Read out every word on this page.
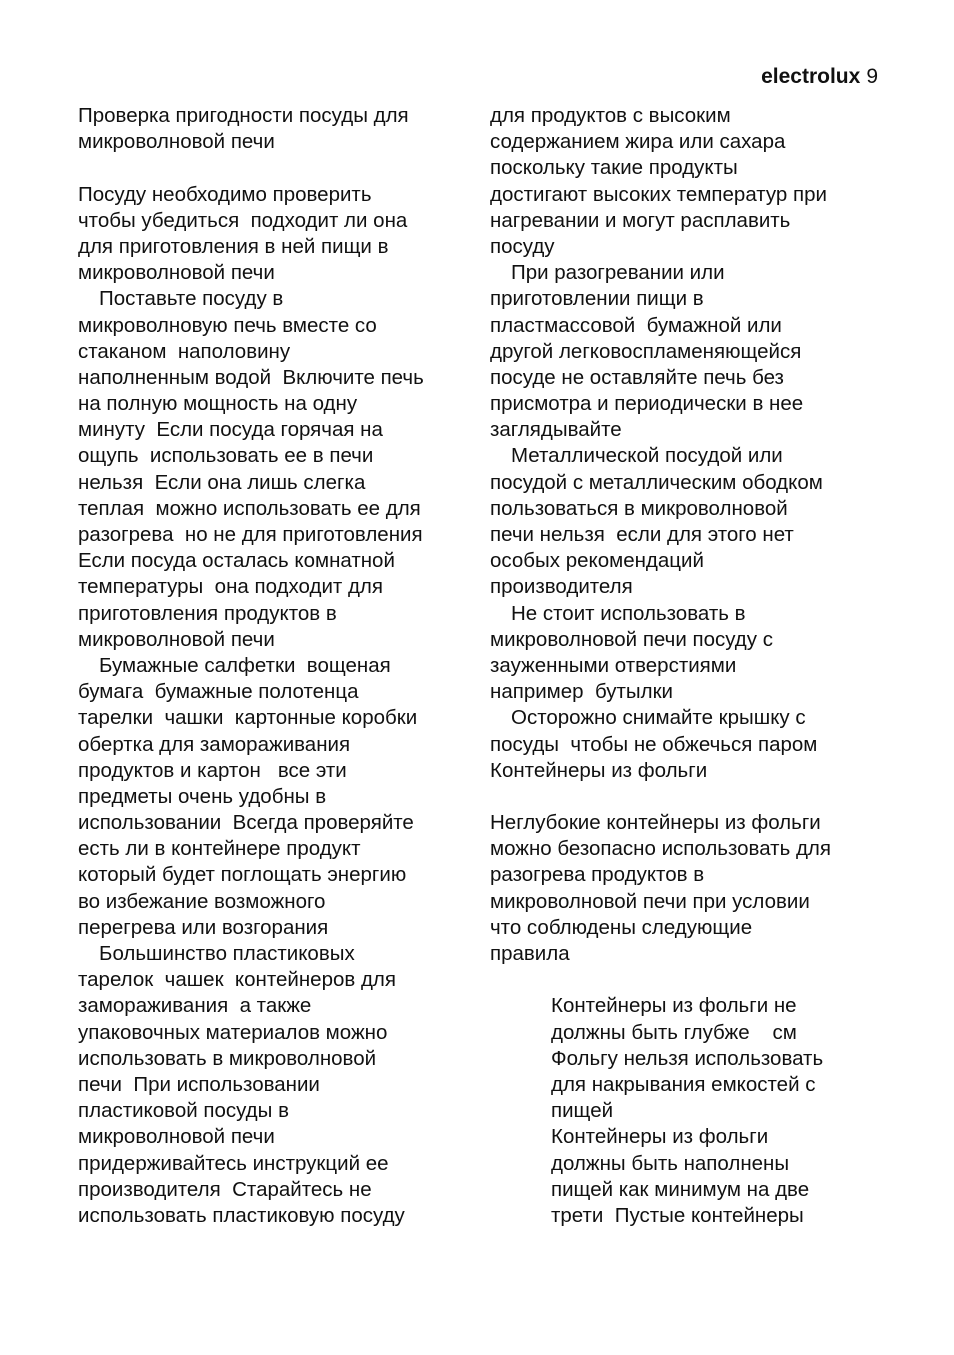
electrolux 9
Проверка пригодности посуды для
микроволновой печи
Посуду необходимо проверить
чтобы убедиться  подходит ли она
для приготовления в ней пищи в
микроволновой печи
Поставьте посуду в
микроволновую печь вместе со
стаканом  наполовину
наполненным водой  Включите печь
на полную мощность на одну
минуту  Если посуда горячая на
ощупь  использовать ее в печи
нельзя  Если она лишь слегка
теплая  можно использовать ее для
разогрева  но не для приготовления
Если посуда осталась комнатной
температуры  она подходит для
приготовления продуктов в
микроволновой печи
Бумажные салфетки  вощеная
бумага  бумажные полотенца
тарелки  чашки  картонные коробки
обертка для замораживания
продуктов и картон   все эти
предметы очень удобны в
использовании  Всегда проверяйте
есть ли в контейнере продукт
который будет поглощать энергию
во избежание возможного
перегрева или возгорания
Большинство пластиковых
тарелок  чашек  контейнеров для
замораживания  а также
упаковочных материалов можно
использовать в микроволновой
печи  При использовании
пластиковой посуды в
микроволновой печи
придерживайтесь инструкций ее
производителя  Старайтесь не
использовать пластиковую посуду
для продуктов с высоким
содержанием жира или сахара
поскольку такие продукты
достигают высоких температур при
нагревании и могут расплавить
посуду
При разогревании или
приготовлении пищи в
пластмассовой  бумажной или
другой легковоспламеняющейся
посуде не оставляйте печь без
присмотра и периодически в нее
заглядывайте
Металлической посудой или
посудой с металлическим ободком
пользоваться в микроволновой
печи нельзя  если для этого нет
особых рекомендаций
производителя
Не стоит использовать в
микроволновой печи посуду с
зауженными отверстиями
например  бутылки
Осторожно снимайте крышку с
посуды  чтобы не обжечься паром
Контейнеры из фольги
Неглубокие контейнеры из фольги
можно безопасно использовать для
разогрева продуктов в
микроволновой печи при условии
что соблюдены следующие
правила
Контейнеры из фольги не
должны быть глубже    см
Фольгу нельзя использовать
для накрывания емкостей с
пищей
Контейнеры из фольги
должны быть наполнены
пищей как минимум на две
трети  Пустые контейнеры
